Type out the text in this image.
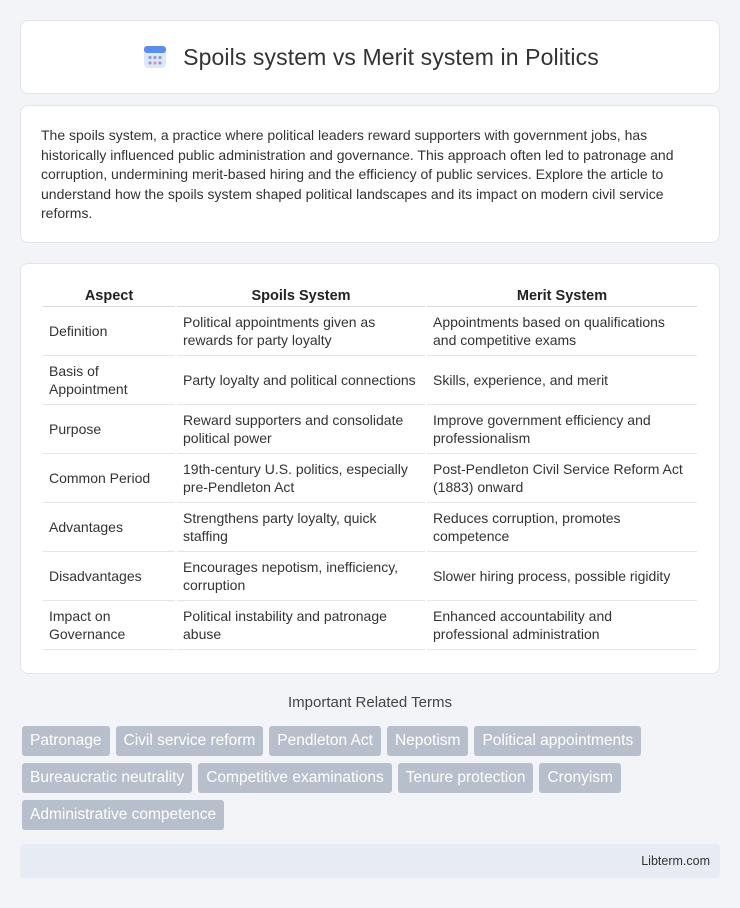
Spoils system vs Merit system in Politics

The spoils system, a practice where political leaders reward supporters with government jobs, has historically influenced public administration and governance. This approach often led to patronage and corruption, undermining merit-based hiring and the efficiency of public services. Explore the article to understand how the spoils system shaped political landscapes and its impact on modern civil service reforms.

Aspect	Spoils System	Merit System
Definition	Political appointments given as rewards for party loyalty	Appointments based on qualifications and competitive exams
Basis of Appointment	Party loyalty and political connections	Skills, experience, and merit
Purpose	Reward supporters and consolidate political power	Improve government efficiency and professionalism
Common Period	19th-century U.S. politics, especially pre-Pendleton Act	Post-Pendleton Civil Service Reform Act (1883) onward
Advantages	Strengthens party loyalty, quick staffing	Reduces corruption, promotes competence
Disadvantages	Encourages nepotism, inefficiency, corruption	Slower hiring process, possible rigidity
Impact on Governance	Political instability and patronage abuse	Enhanced accountability and professional administration
Important Related Terms
Patronage	Civil service reform	Pendleton Act	Nepotism	Political appointments
Bureaucratic neutrality	Competitive examinations	Tenure protection	Cronyism
Administrative competence
Libterm.com
